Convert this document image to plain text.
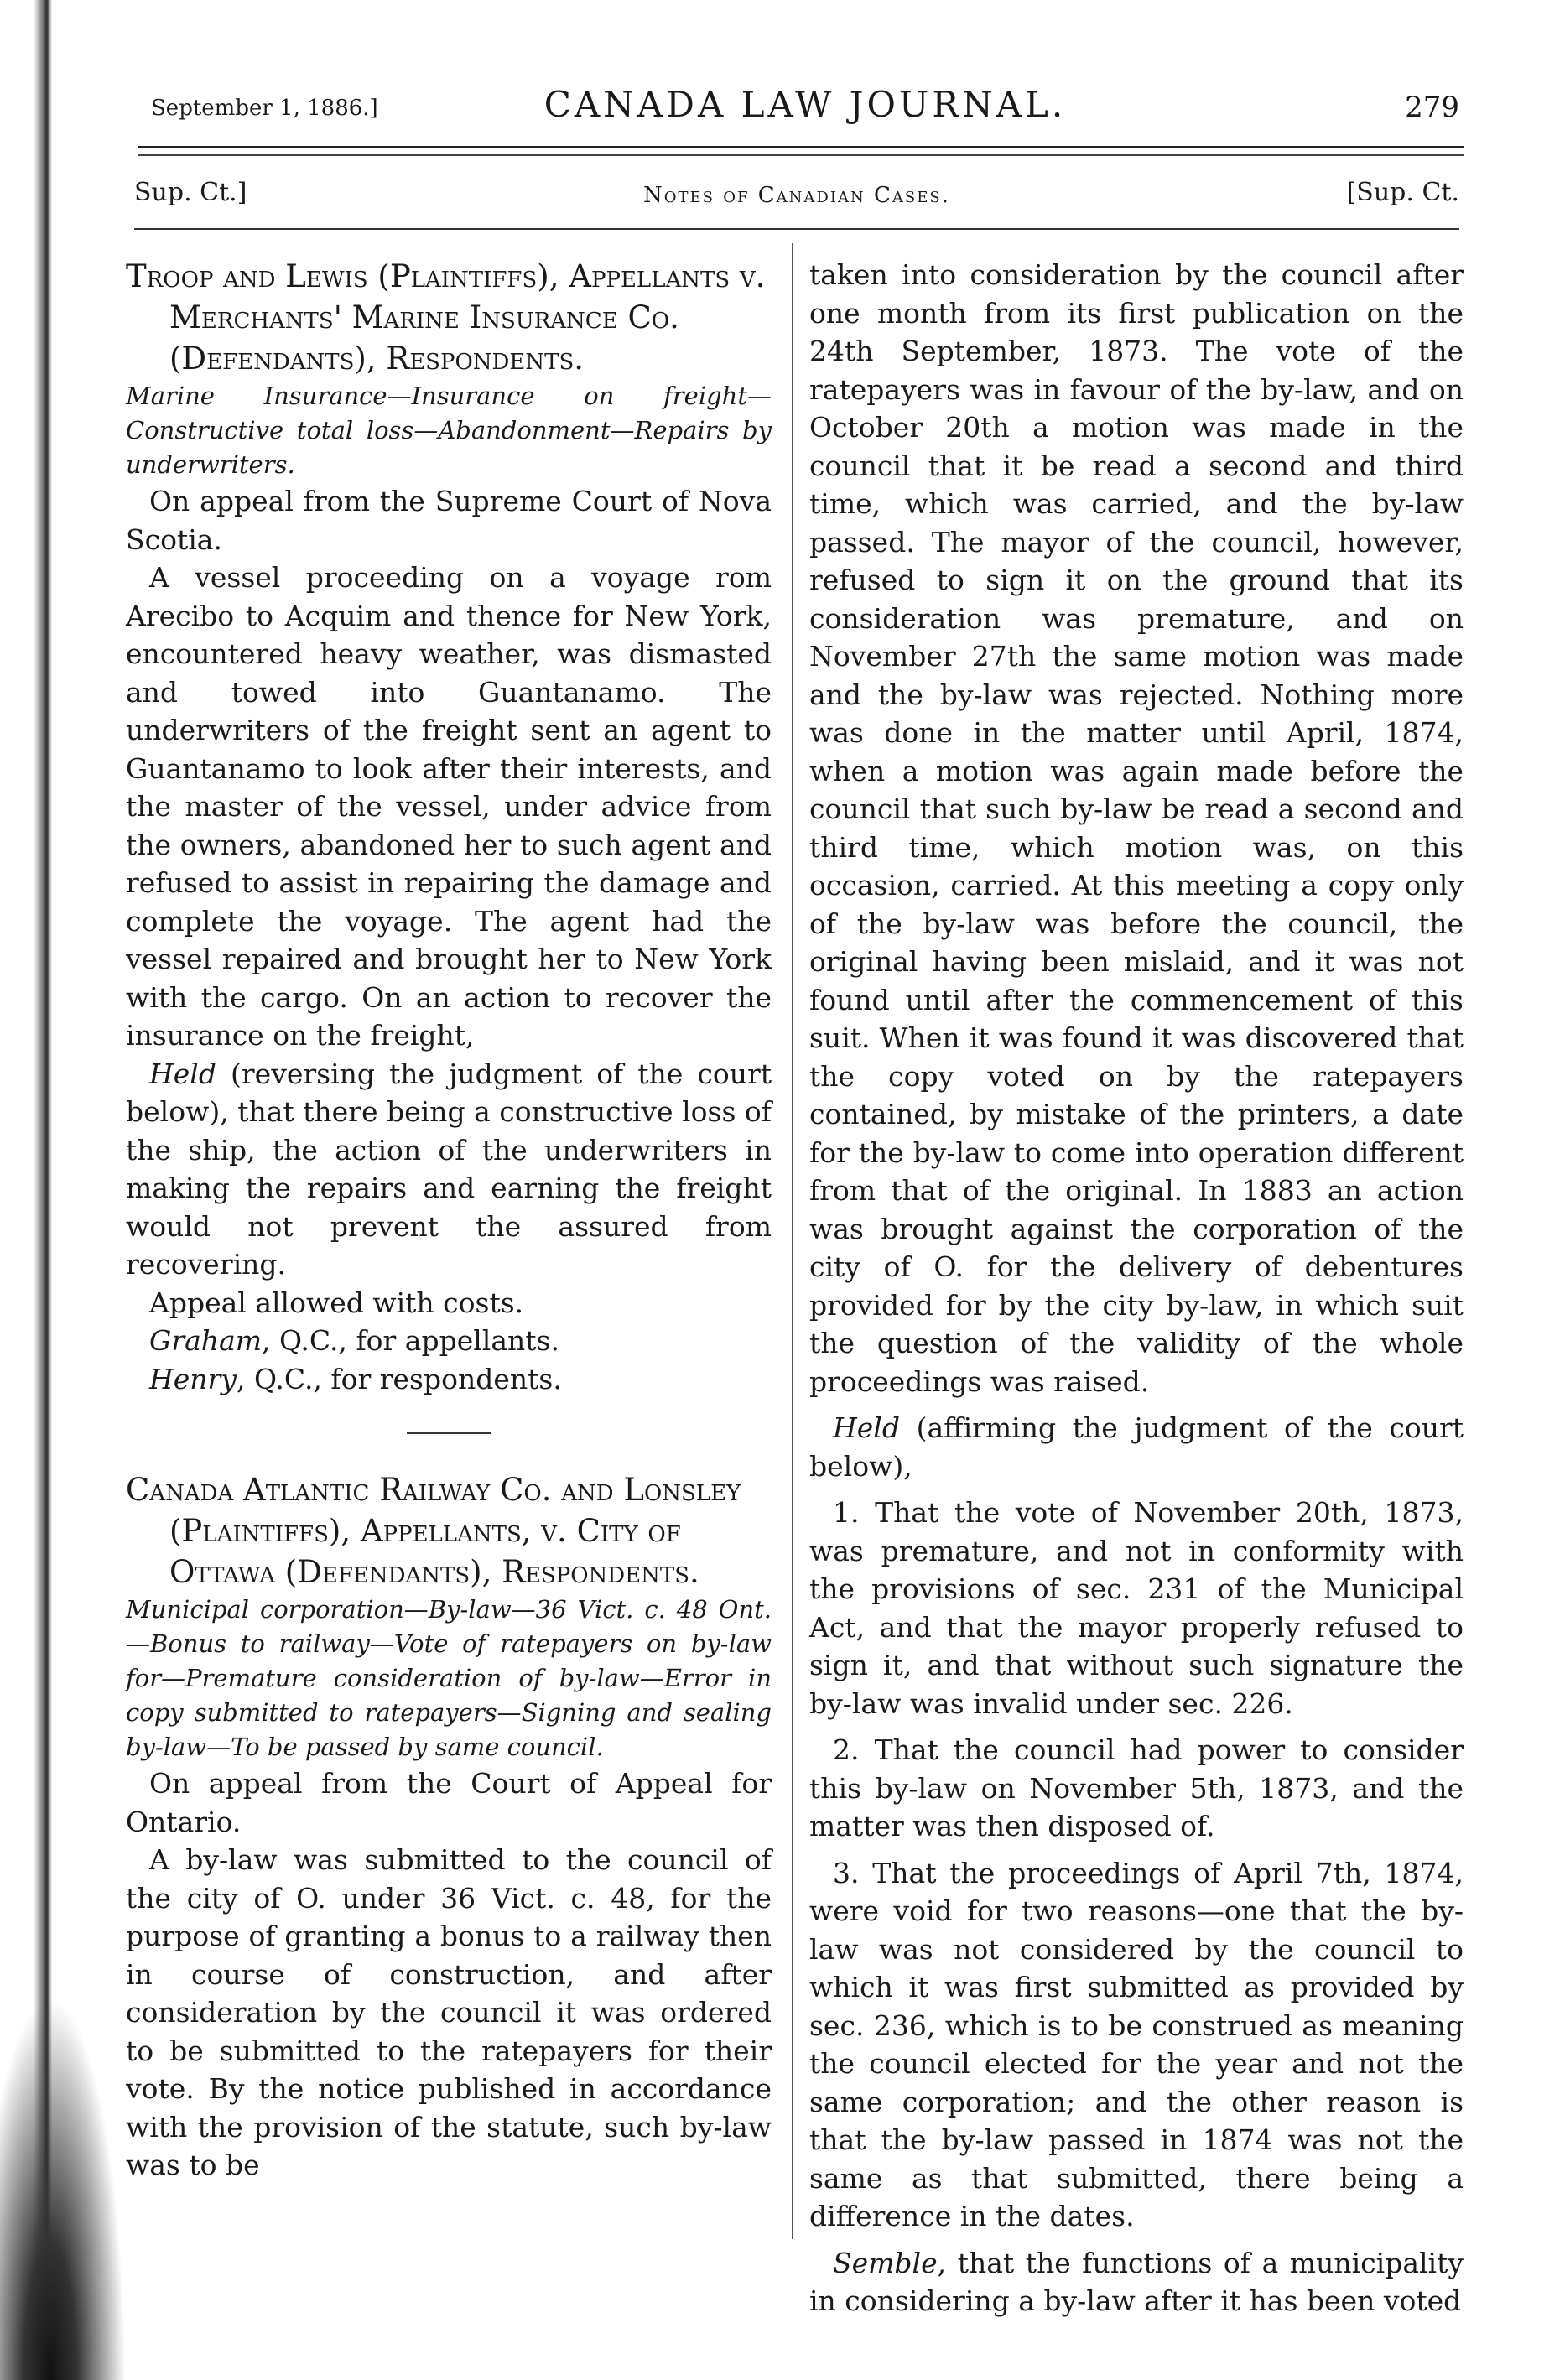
September 1, 1886.]	CANADA LAW JOURNAL.	279
Sup. Ct.]	Notes of Canadian Cases.	[Sup. Ct.

Troop and Lewis (Plaintiffs), Appellants v. Merchants' Marine Insurance Co. (Defendants), Respondents.

Marine Insurance—Insurance on freight—Constructive total loss—Abandonment—Repairs by underwriters.

On appeal from the Supreme Court of Nova Scotia.

A vessel proceeding on a voyage rom Arecibo to Acquim and thence for New York, encountered heavy weather, was dismasted and towed into Guantanamo. The underwriters of the freight sent an agent to Guantanamo to look after their interests, and the master of the vessel, under advice from the owners, abandoned her to such agent and refused to assist in repairing the damage and complete the voyage. The agent had the vessel repaired and brought her to New York with the cargo. On an action to recover the insurance on the freight,

Held (reversing the judgment of the court below), that there being a constructive loss of the ship, the action of the underwriters in making the repairs and earning the freight would not prevent the assured from recovering.

Appeal allowed with costs.

Graham, Q.C., for appellants.

Henry, Q.C., for respondents.

Canada Atlantic Railway Co. and Lonsley (Plaintiffs), Appellants, v. City of Ottawa (Defendants), Respondents.

Municipal corporation—By-law—36 Vict. c. 48 Ont.—Bonus to railway—Vote of ratepayers on by-law for—Premature consideration of by-law—Error in copy submitted to ratepayers—Signing and sealing by-law—To be passed by same council.

On appeal from the Court of Appeal for Ontario.

A by-law was submitted to the council of the city of O. under 36 Vict. c. 48, for the purpose of granting a bonus to a railway then in course of construction, and after consideration by the council it was ordered to be submitted to the ratepayers for their vote. By the notice published in accordance with the provision of the statute, such by-law was to be

taken into consideration by the council after one month from its first publication on the 24th September, 1873. The vote of the ratepayers was in favour of the by-law, and on October 20th a motion was made in the council that it be read a second and third time, which was carried, and the by-law passed. The mayor of the council, however, refused to sign it on the ground that its consideration was premature, and on November 27th the same motion was made and the by-law was rejected. Nothing more was done in the matter until April, 1874, when a motion was again made before the council that such by-law be read a second and third time, which motion was, on this occasion, carried. At this meeting a copy only of the by-law was before the council, the original having been mislaid, and it was not found until after the commencement of this suit. When it was found it was discovered that the copy voted on by the ratepayers contained, by mistake of the printers, a date for the by-law to come into operation different from that of the original. In 1883 an action was brought against the corporation of the city of O. for the delivery of debentures provided for by the city by-law, in which suit the question of the validity of the whole proceedings was raised.

Held (affirming the judgment of the court below),

1. That the vote of November 20th, 1873, was premature, and not in conformity with the provisions of sec. 231 of the Municipal Act, and that the mayor properly refused to sign it, and that without such signature the by-law was invalid under sec. 226.

2. That the council had power to consider this by-law on November 5th, 1873, and the matter was then disposed of.

3. That the proceedings of April 7th, 1874, were void for two reasons—one that the by-law was not considered by the council to which it was first submitted as provided by sec. 236, which is to be construed as meaning the council elected for the year and not the same corporation; and the other reason is that the by-law passed in 1874 was not the same as that submitted, there being a difference in the dates.

Semble, that the functions of a municipality in considering a by-law after it has been voted
